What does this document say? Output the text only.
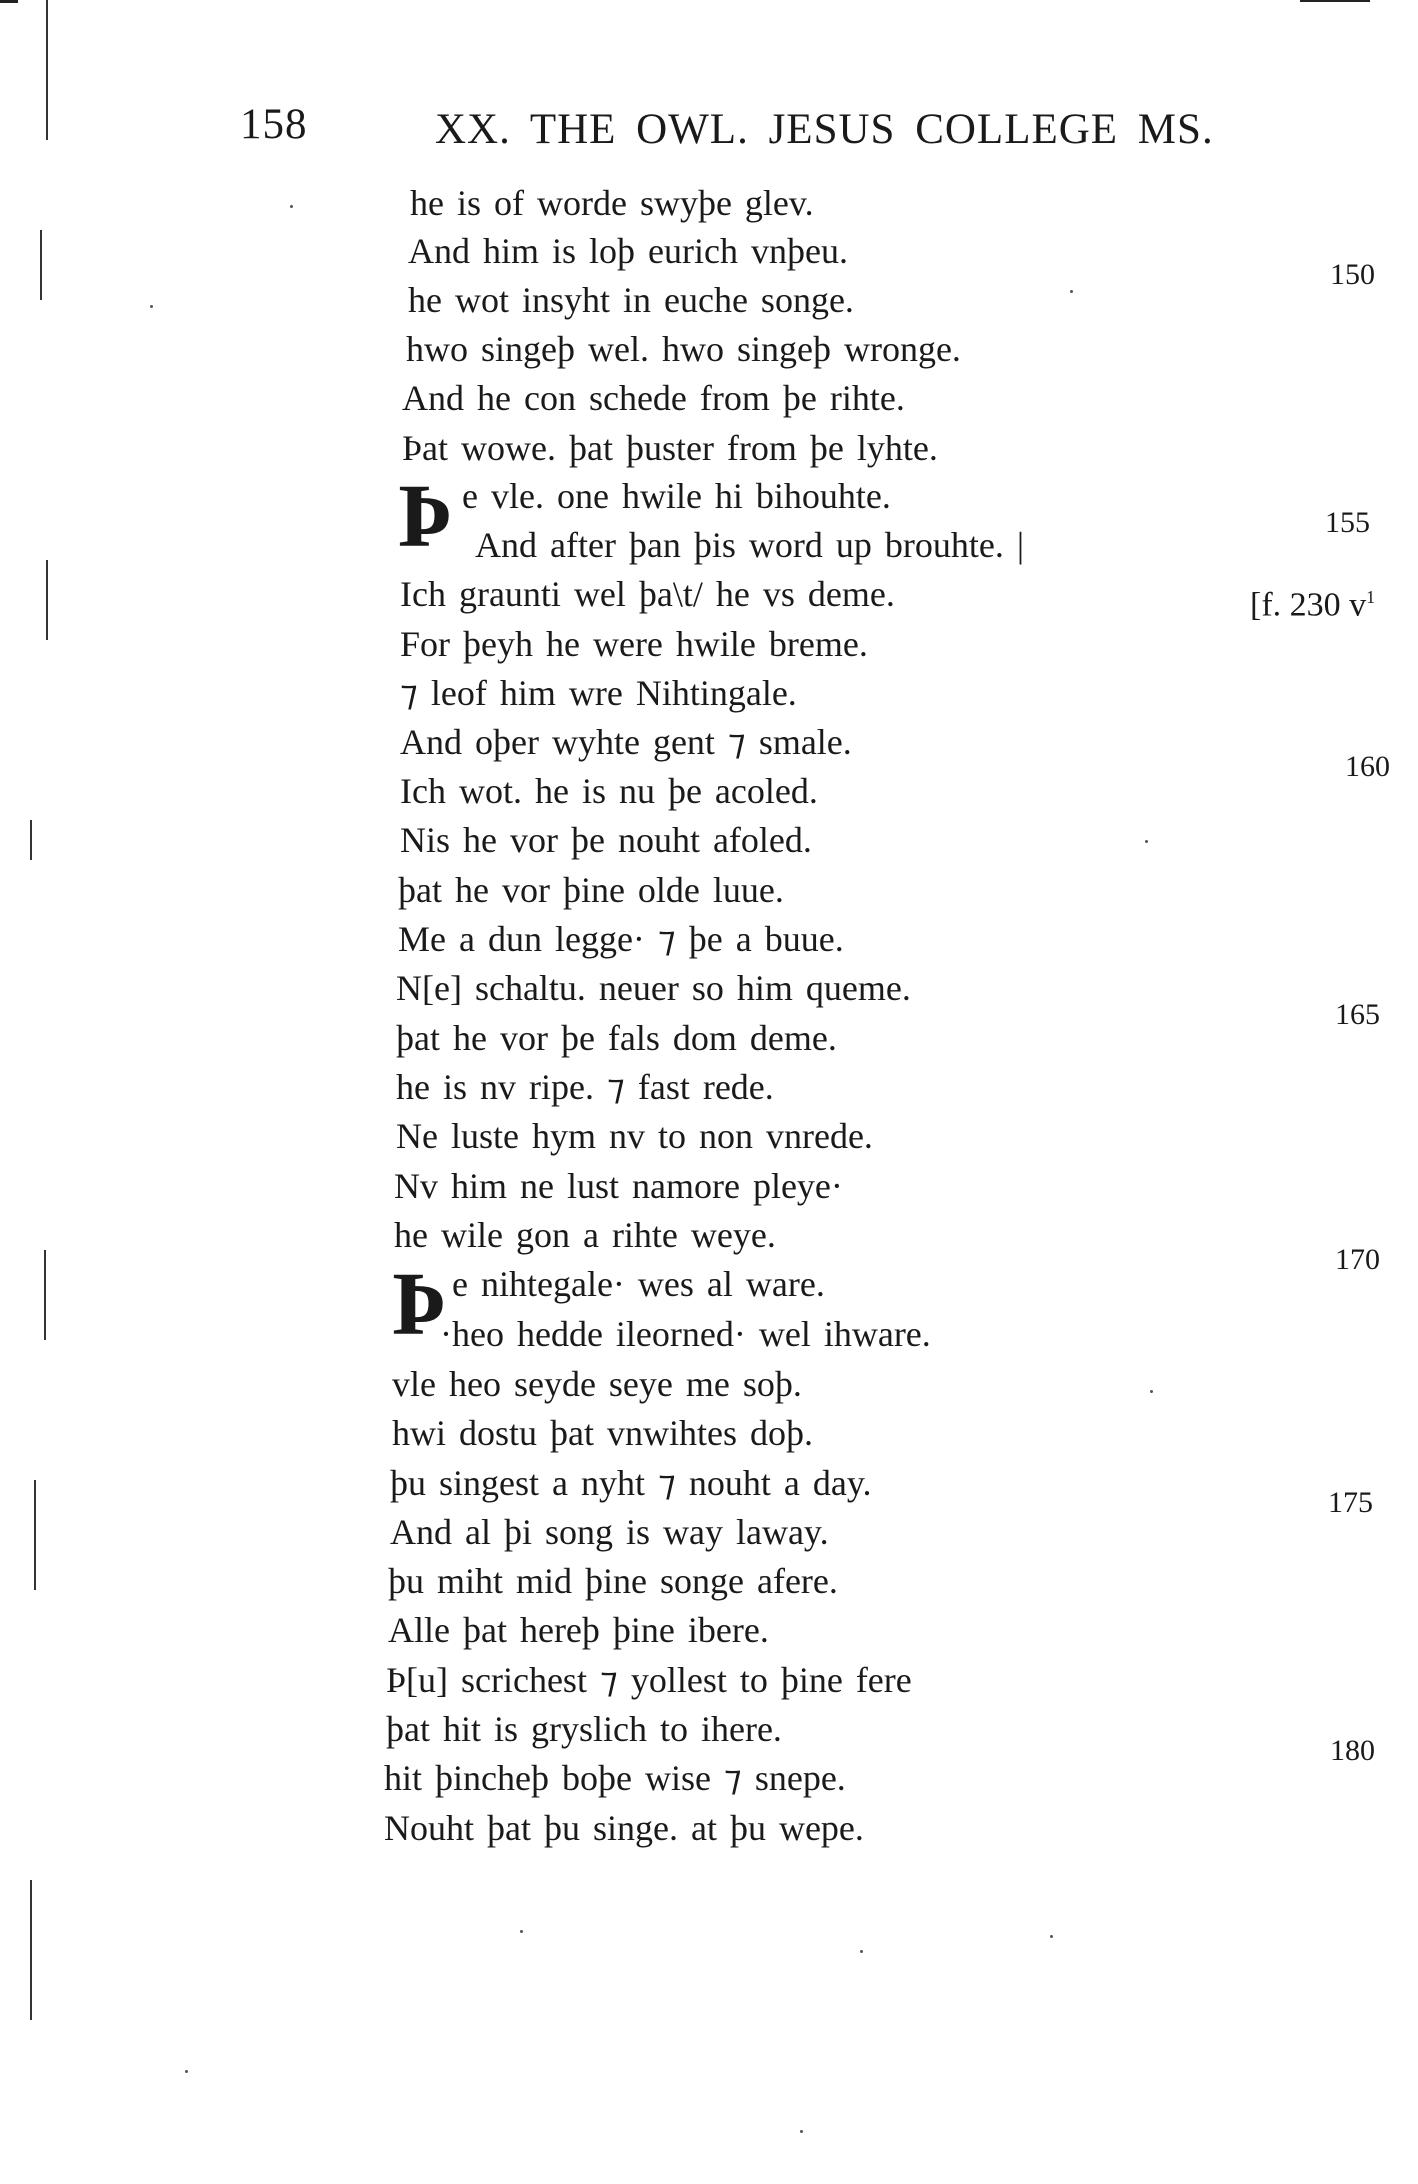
158	XX. THE OWL. JESUS COLLEGE MS.
he is of worde swyþe glev.
And him is loþ eurich vnþeu.
he wot insyht in euche songe.
hwo singeþ wel. hwo singeþ wronge.
And he con schede from þe rihte.
Þat wowe. þat þuster from þe lyhte.
Þ e vle. one hwile hi bihouhte.
And after þan þis word up brouhte. |
Ich graunti wel þa\t/ he vs deme.
For þeyh he were hwile breme.
⁊ leof him wre Nihtingale.
And oþer wyhte gent ⁊ smale.
Ich wot. he is nu þe acoled.
Nis he vor þe nouht afoled.
þat he vor þine olde luue.
Me a dun legge· ⁊ þe a buue.
N[e] schaltu. neuer so him queme.
þat he vor þe fals dom deme.
he is nv ripe. ⁊ fast rede.
Ne luste hym nv to non vnrede.
Nv him ne lust namore pleye·
he wile gon a rihte weye.
Þ e nihtegale· wes al ware.
·heo hedde ileorned· wel ihware.
vle heo seyde seye me soþ.
hwi dostu þat vnwihtes doþ.
þu singest a nyht ⁊ nouht a day.
And al þi song is way laway.
þu miht mid þine songe afere.
Alle þat hereþ þine ibere.
Þ[u] scrichest ⁊ yollest to þine fere
þat hit is gryslich to ihere.
hit þincheþ boþe wise ⁊ snepe.
Nouht þat þu singe. at þu wepe.
150
155
[f. 230 $v^1$
160
165
170
175
180
